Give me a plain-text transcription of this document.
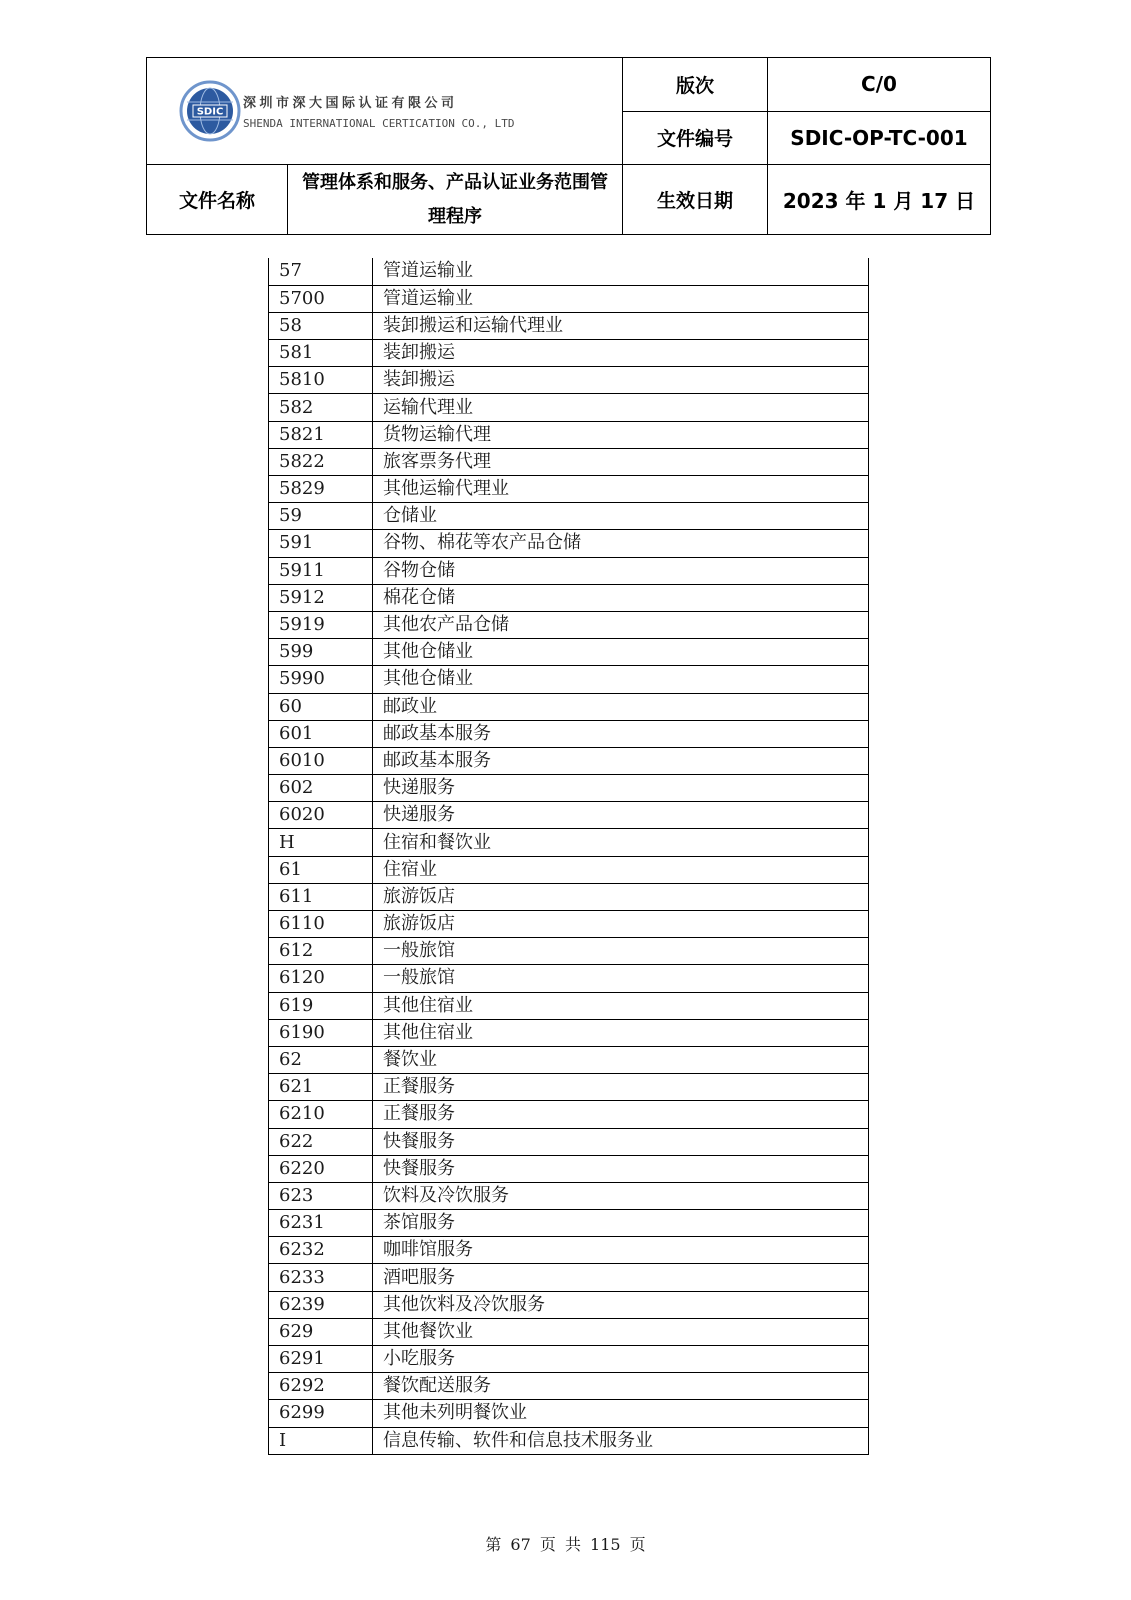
SDIC
深圳市深大国际认证有限公司
SHENDA INTERNATIONAL CERTICATION CO., LTD		版次	C/0
		文件编号	SDIC-OP-TC-001
文件名称	管理体系和服务、产品认证业务范围管理程序	生效日期	2023 年 1 月 17 日
57	管道运输业
5700	管道运输业
58	装卸搬运和运输代理业
581	装卸搬运
5810	装卸搬运
582	运输代理业
5821	货物运输代理
5822	旅客票务代理
5829	其他运输代理业
59	仓储业
591	谷物、棉花等农产品仓储
5911	谷物仓储
5912	棉花仓储
5919	其他农产品仓储
599	其他仓储业
5990	其他仓储业
60	邮政业
601	邮政基本服务
6010	邮政基本服务
602	快递服务
6020	快递服务
H	住宿和餐饮业
61	住宿业
611	旅游饭店
6110	旅游饭店
612	一般旅馆
6120	一般旅馆
619	其他住宿业
6190	其他住宿业
62	餐饮业
621	正餐服务
6210	正餐服务
622	快餐服务
6220	快餐服务
623	饮料及冷饮服务
6231	茶馆服务
6232	咖啡馆服务
6233	酒吧服务
6239	其他饮料及冷饮服务
629	其他餐饮业
6291	小吃服务
6292	餐饮配送服务
6299	其他未列明餐饮业
I	信息传输、软件和信息技术服务业
第 67 页 共 115 页
